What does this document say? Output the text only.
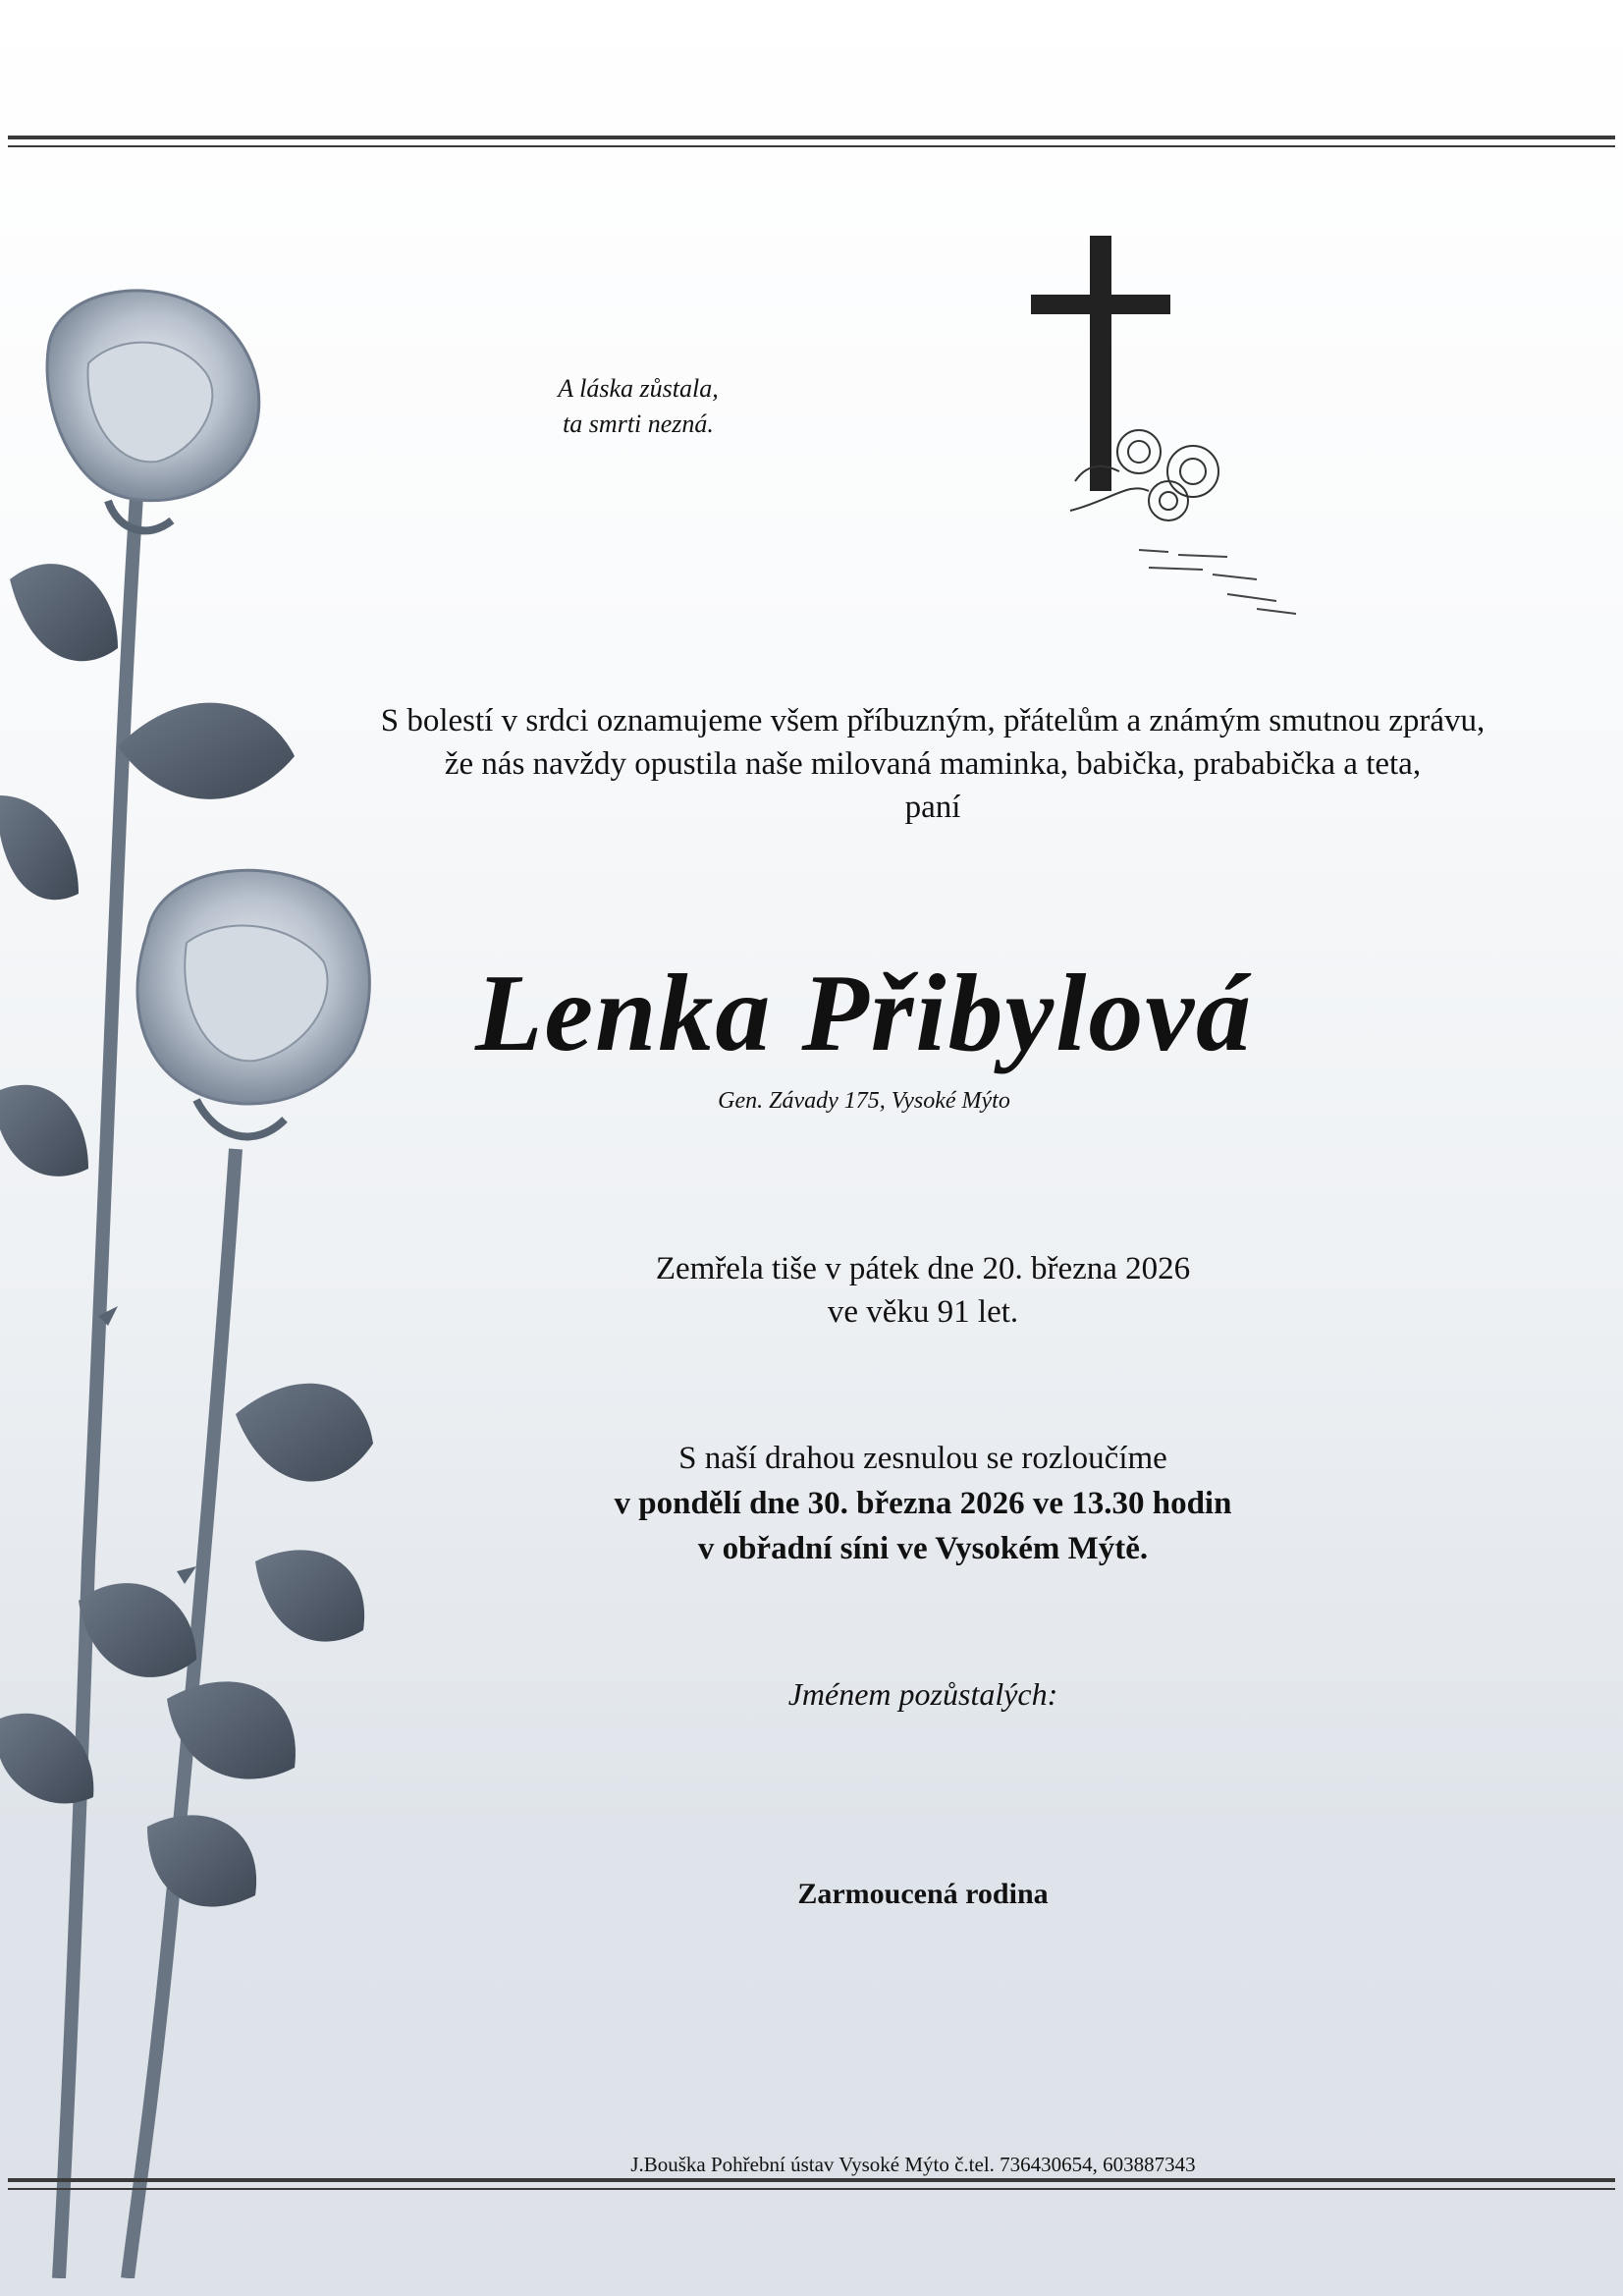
A láska zůstala,
ta smrti nezná.
S bolestí v srdci oznamujeme všem příbuzným, přátelům a známým smutnou zprávu,
že nás navždy opustila naše milovaná maminka, babička, prababička a teta,
paní
Lenka Přibylová
Gen. Závady 175, Vysoké Mýto
Zemřela tiše v pátek dne 20. března 2026
ve věku 91 let.
S naší drahou zesnulou se rozloučíme
v pondělí dne 30. března 2026 ve 13.30 hodin
v obřadní síni ve Vysokém Mýtě.
Jménem pozůstalých:
Zarmoucená rodina
J.Bouška Pohřební ústav Vysoké Mýto č.tel. 736430654, 603887343
